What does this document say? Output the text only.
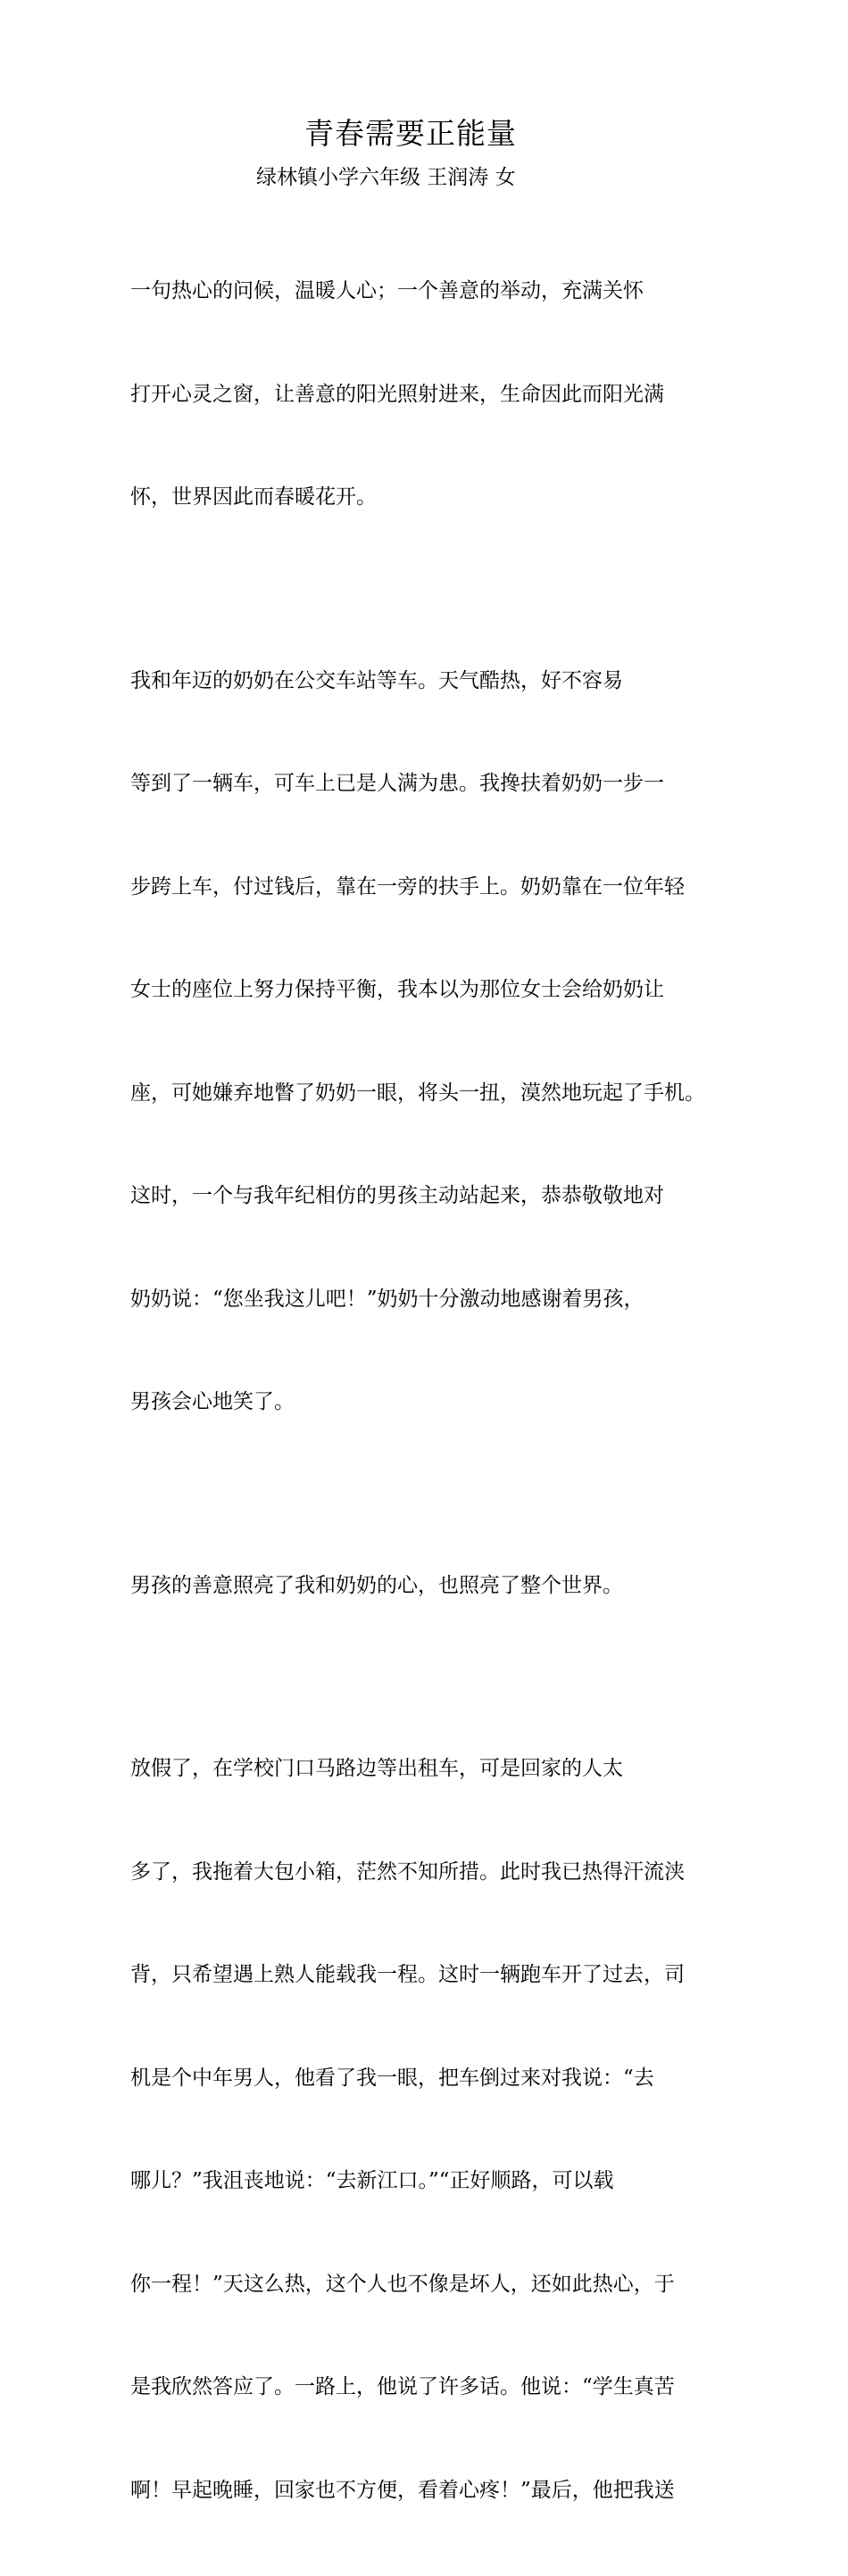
青春需要正能量
绿林镇小学六年级 王润涛 女

一句热心的问候，温暖人心；一个善意的举动，充满关怀

打开心灵之窗，让善意的阳光照射进来，生命因此而阳光满

怀，世界因此而春暖花开。

我和年迈的奶奶在公交车站等车。天气酷热，好不容易

等到了一辆车，可车上已是人满为患。我搀扶着奶奶一步一

步跨上车，付过钱后，靠在一旁的扶手上。奶奶靠在一位年轻

女士的座位上努力保持平衡，我本以为那位女士会给奶奶让

座，可她嫌弃地瞥了奶奶一眼，将头一扭，漠然地玩起了手机。

这时，一个与我年纪相仿的男孩主动站起来，恭恭敬敬地对

奶奶说：“您坐我这儿吧！”奶奶十分激动地感谢着男孩，

男孩会心地笑了。

男孩的善意照亮了我和奶奶的心，也照亮了整个世界。

放假了，在学校门口马路边等出租车，可是回家的人太

多了，我拖着大包小箱，茫然不知所措。此时我已热得汗流浃

背，只希望遇上熟人能载我一程。这时一辆跑车开了过去，司

机是个中年男人，他看了我一眼，把车倒过来对我说：“去

哪儿？”我沮丧地说：“去新江口。”“正好顺路，可以载

你一程！”天这么热，这个人也不像是坏人，还如此热心，于

是我欣然答应了。一路上，他说了许多话。他说：“学生真苦

啊！早起晚睡，回家也不方便，看着心疼！”最后，他把我送
